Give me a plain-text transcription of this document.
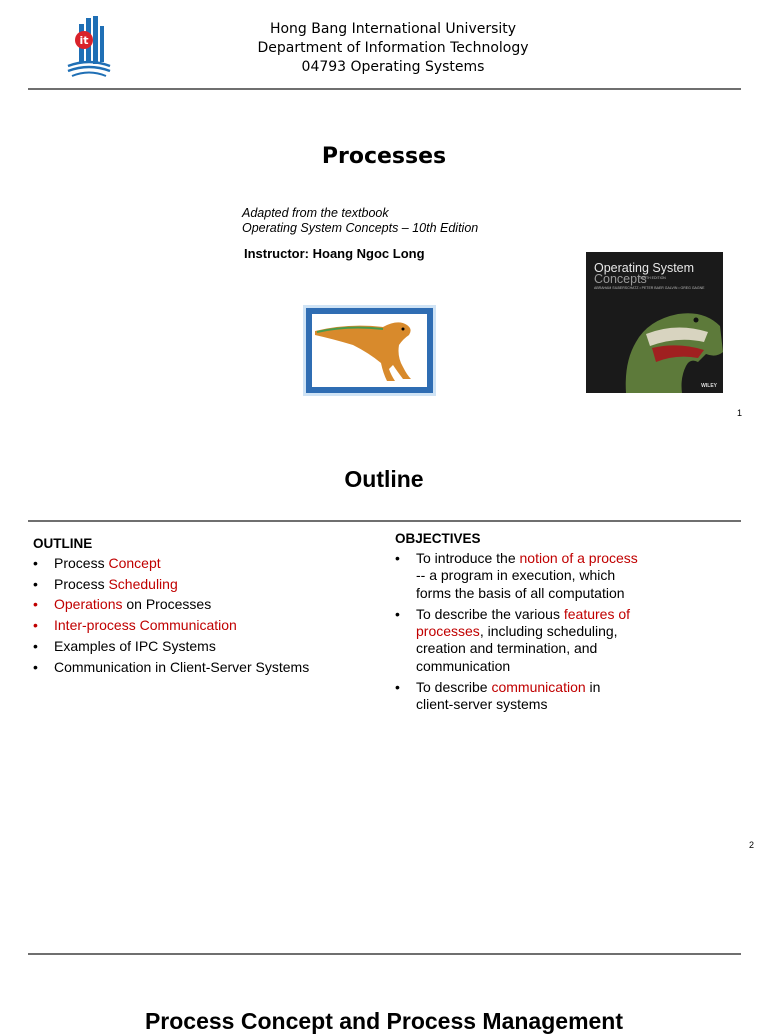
it
Hong Bang International University
Department of Information Technology
04793 Operating Systems
Processes
Adapted from the textbook
Operating System Concepts – 10th Edition
Instructor: Hoang Ngoc Long
Operating System
Concepts
TENTH EDITION
ABRAHAM SILBERSCHATZ • PETER BAER GALVIN • GREG GAGNE
WILEY
1
Outline
OUTLINE
• Process Concept
• Process Scheduling
• Operations on Processes
• Inter-process Communication
• Examples of IPC Systems
• Communication in Client-Server Systems
OBJECTIVES
• To introduce the notion of a process
-- a program in execution, which
forms the basis of all computation
• To describe the various features of
processes, including scheduling,
creation and termination, and
communication
• To describe communication in
client-server systems
2
Process Concept and Process Management
